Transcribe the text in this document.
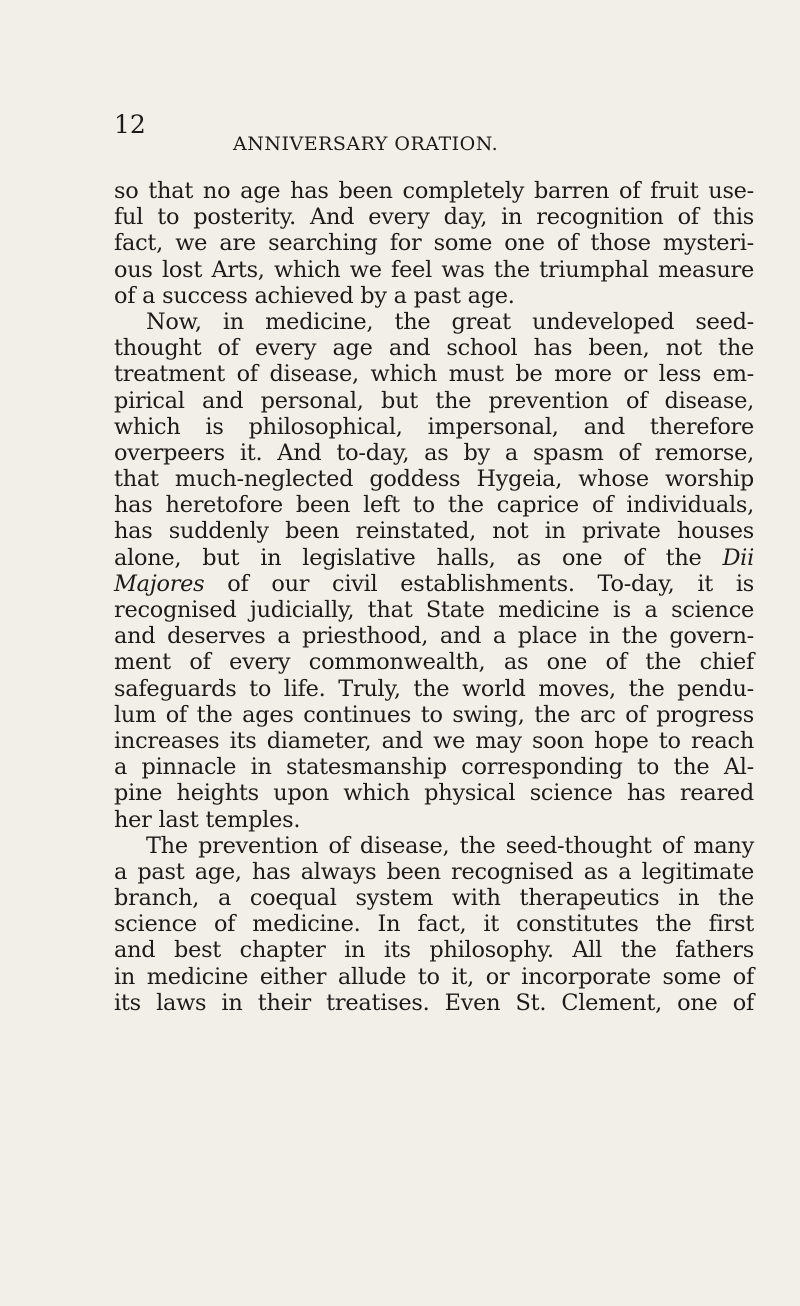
12
ANNIVERSARY ORATION.
so that no age has been completely barren of fruit use-
ful to posterity. And every day, in recognition of this
fact, we are searching for some one of those mysteri-
ous lost Arts, which we feel was the triumphal measure
of a success achieved by a past age.
Now, in medicine, the great undeveloped seed-
thought of every age and school has been, not the
treatment of disease, which must be more or less em-
pirical and personal, but the prevention of disease,
which is philosophical, impersonal, and therefore
overpeers it. And to-day, as by a spasm of remorse,
that much-neglected goddess Hygeia, whose worship
has heretofore been left to the caprice of individuals,
has suddenly been reinstated, not in private houses
alone, but in legislative halls, as one of the Dii
Majores of our civil establishments. To-day, it is
recognised judicially, that State medicine is a science
and deserves a priesthood, and a place in the govern-
ment of every commonwealth, as one of the chief
safeguards to life. Truly, the world moves, the pendu-
lum of the ages continues to swing, the arc of progress
increases its diameter, and we may soon hope to reach
a pinnacle in statesmanship corresponding to the Al-
pine heights upon which physical science has reared
her last temples.
The prevention of disease, the seed-thought of many
a past age, has always been recognised as a legitimate
branch, a coequal system with therapeutics in the
science of medicine. In fact, it constitutes the first
and best chapter in its philosophy. All the fathers
in medicine either allude to it, or incorporate some of
its laws in their treatises. Even St. Clement, one of
